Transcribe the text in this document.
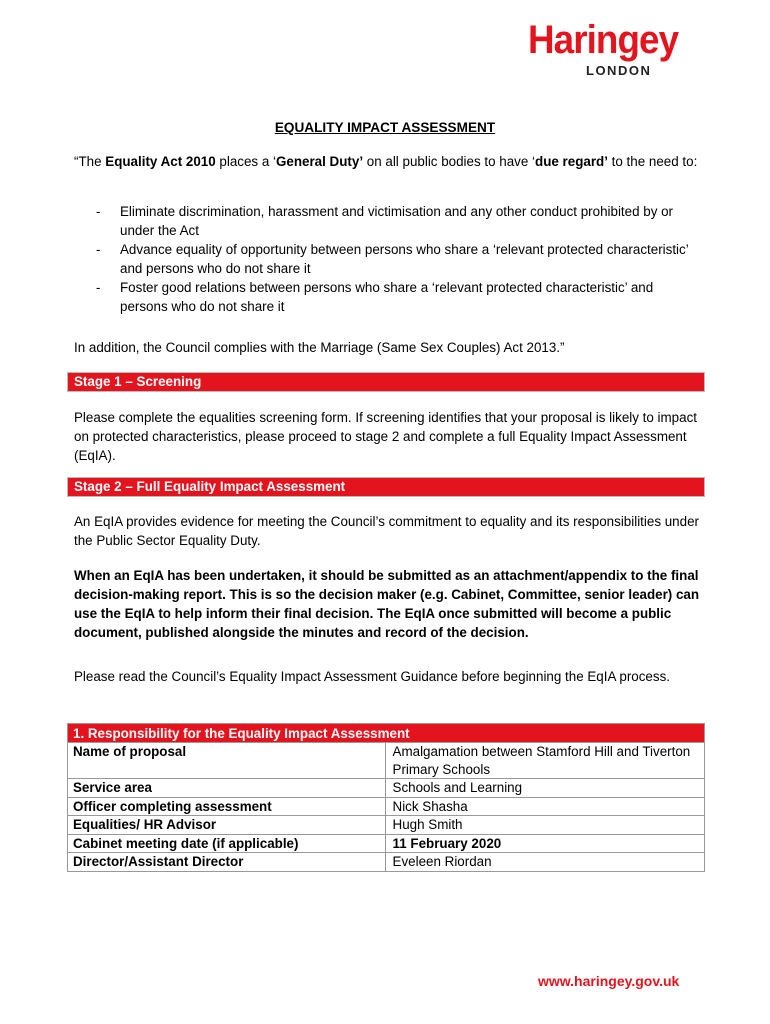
Haringey
LONDON
EQUALITY IMPACT ASSESSMENT
“The Equality Act 2010 places a ‘General Duty’ on all public bodies to have ‘due regard’ to the need to:
- Eliminate discrimination, harassment and victimisation and any other conduct prohibited by or under the Act
- Advance equality of opportunity between persons who share a ‘relevant protected characteristic’ and persons who do not share it
- Foster good relations between persons who share a ‘relevant protected characteristic’ and persons who do not share it
In addition, the Council complies with the Marriage (Same Sex Couples) Act 2013.”
Stage 1 – Screening
Please complete the equalities screening form. If screening identifies that your proposal is likely to impact on protected characteristics, please proceed to stage 2 and complete a full Equality Impact Assessment (EqIA).
Stage 2 – Full Equality Impact Assessment
An EqIA provides evidence for meeting the Council’s commitment to equality and its responsibilities under the Public Sector Equality Duty.
When an EqIA has been undertaken, it should be submitted as an attachment/appendix to the final decision-making report. This is so the decision maker (e.g. Cabinet, Committee, senior leader) can use the EqIA to help inform their final decision. The EqIA once submitted will become a public document, published alongside the minutes and record of the decision.
Please read the Council’s Equality Impact Assessment Guidance before beginning the EqIA process.
1. Responsibility for the Equality Impact Assessment	
Name of proposal	Amalgamation between Stamford Hill and Tiverton Primary Schools
Service area	Schools and Learning
Officer completing assessment	Nick Shasha
Equalities/ HR Advisor	Hugh Smith
Cabinet meeting date (if applicable)	11 February 2020
Director/Assistant Director	Eveleen Riordan
www.haringey.gov.uk
